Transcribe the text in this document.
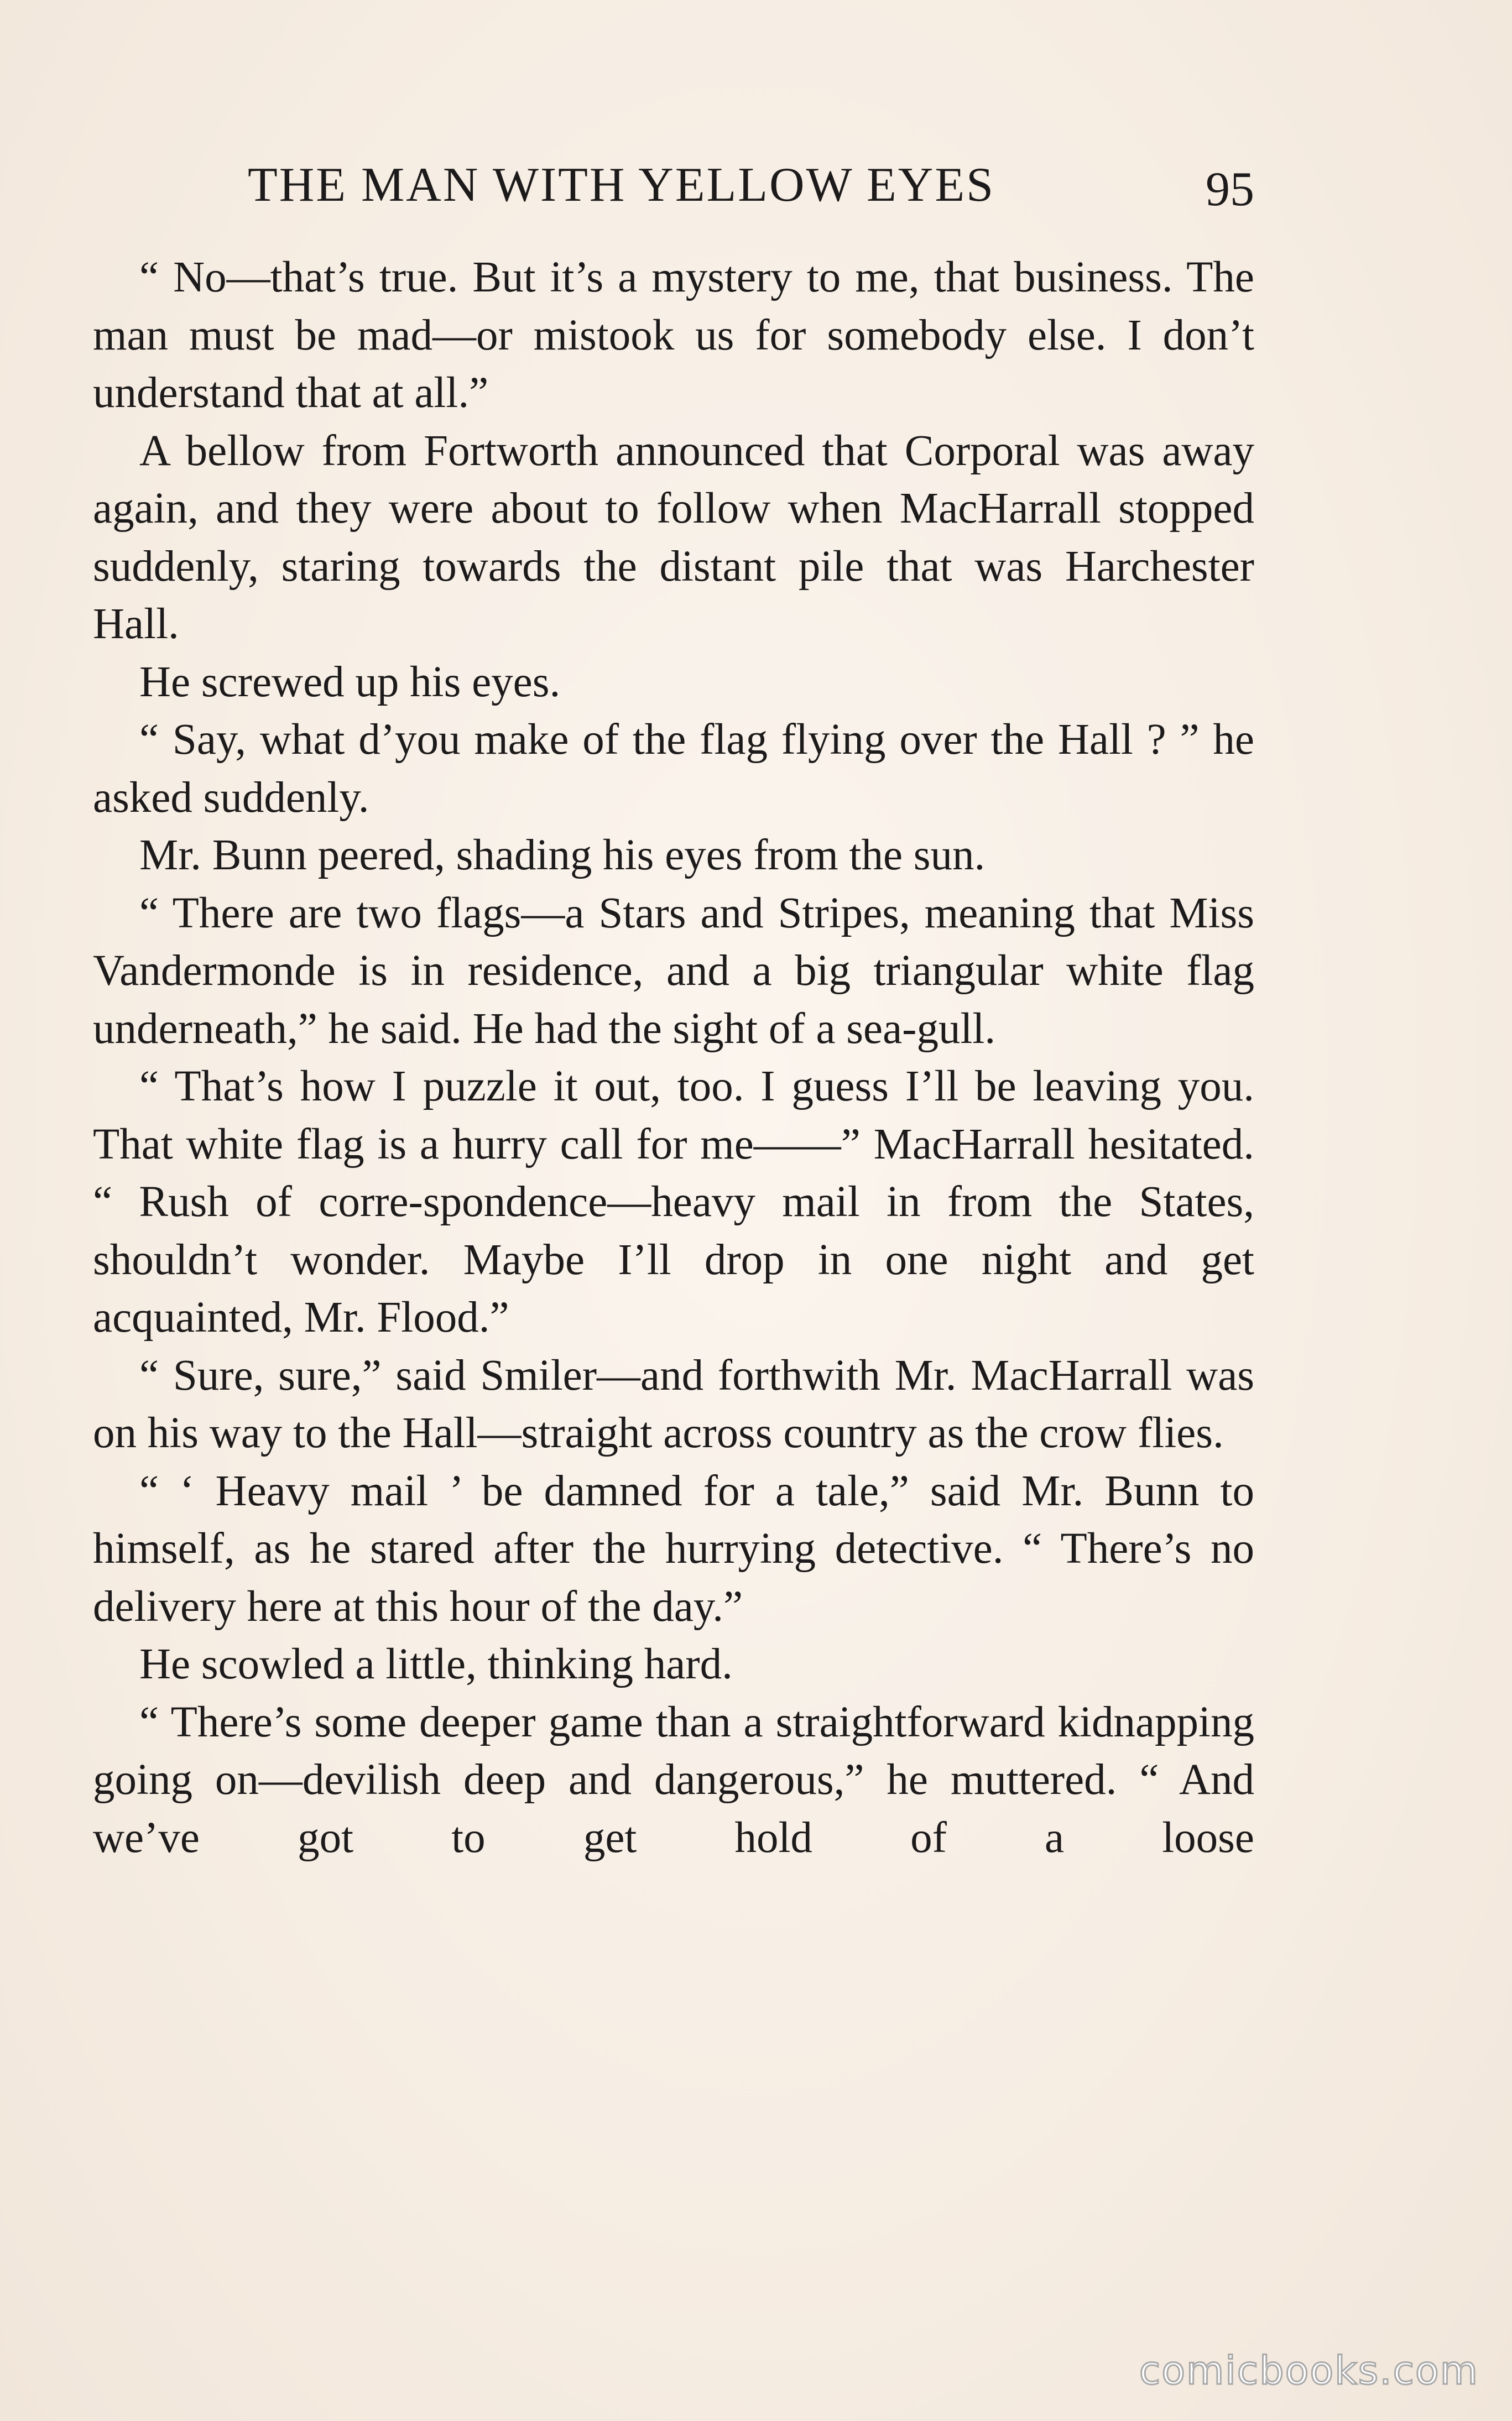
THE MAN WITH YELLOW EYES	95

“ No—that’s true. But it’s a mystery to me, that business. The man must be mad—or mistook us for somebody else. I don’t understand that at all.”

A bellow from Fortworth announced that Corporal was away again, and they were about to follow when MacHarrall stopped suddenly, staring towards the distant pile that was Harchester Hall.

He screwed up his eyes.

“ Say, what d’you make of the flag flying over the Hall ? ” he asked suddenly.

Mr. Bunn peered, shading his eyes from the sun.

“ There are two flags—a Stars and Stripes, meaning that Miss Vandermonde is in residence, and a big triangular white flag underneath,” he said. He had the sight of a sea-gull.

“ That’s how I puzzle it out, too. I guess I’ll be leaving you. That white flag is a hurry call for me——” MacHarrall hesitated. “ Rush of corre-spondence—heavy mail in from the States, shouldn’t wonder. Maybe I’ll drop in one night and get acquainted, Mr. Flood.”

“ Sure, sure,” said Smiler—and forthwith Mr. MacHarrall was on his way to the Hall—straight across country as the crow flies.

“ ‘ Heavy mail ’ be damned for a tale,” said Mr. Bunn to himself, as he stared after the hurrying detective. “ There’s no delivery here at this hour of the day.”

He scowled a little, thinking hard.

“ There’s some deeper game than a straightforward kidnapping going on—devilish deep and dangerous,” he muttered. “ And we’ve got to get hold of a loose

comicbooks.com
